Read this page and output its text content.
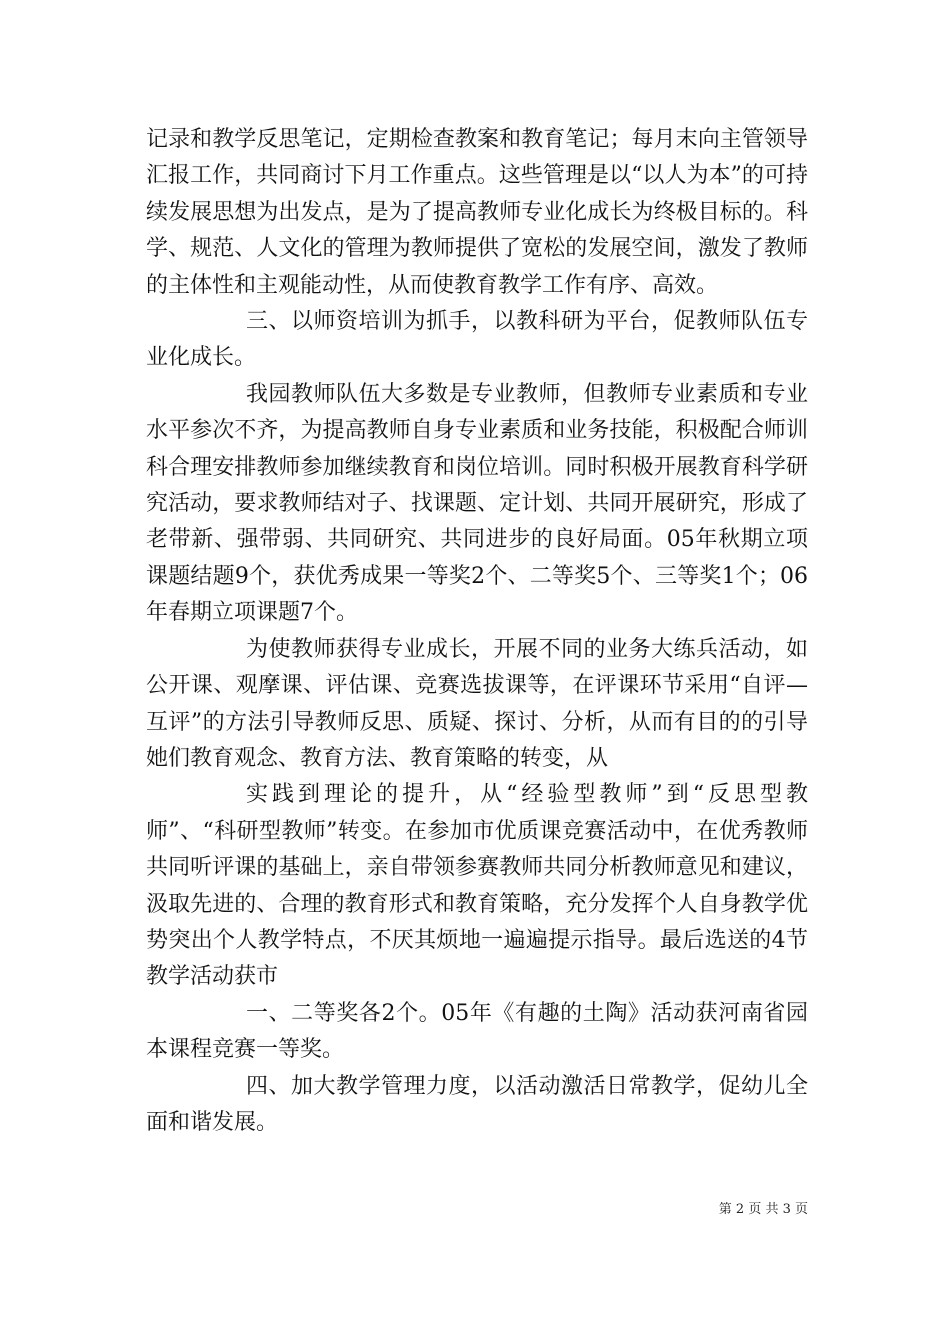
记录和教学反思笔记，定期检查教案和教育笔记；每月末向主管领导汇报工作，共同商讨下月工作重点。这些管理是以“以人为本”的可持续发展思想为出发点，是为了提高教师专业化成长为终极目标的。科学、规范、人文化的管理为教师提供了宽松的发展空间，激发了教师的主体性和主观能动性，从而使教育教学工作有序、高效。

三、以师资培训为抓手，以教科研为平台，促教师队伍专业化成长。

我园教师队伍大多数是专业教师，但教师专业素质和专业水平参次不齐，为提高教师自身专业素质和业务技能，积极配合师训科合理安排教师参加继续教育和岗位培训。同时积极开展教育科学研究活动，要求教师结对子、找课题、定计划、共同开展研究，形成了老带新、强带弱、共同研究、共同进步的良好局面。05年秋期立项课题结题9个，获优秀成果一等奖2个、二等奖5个、三等奖1个；06年春期立项课题7个。

为使教师获得专业成长，开展不同的业务大练兵活动，如公开课、观摩课、评估课、竞赛选拔课等，在评课环节采用“自评—互评”的方法引导教师反思、质疑、探讨、分析，从而有目的的引导她们教育观念、教育方法、教育策略的转变，从

实践到理论的提升，从“经验型教师”到“反思型教师”、“科研型教师”转变。在参加市优质课竞赛活动中，在优秀教师共同听评课的基础上，亲自带领参赛教师共同分析教师意见和建议，汲取先进的、合理的教育形式和教育策略，充分发挥个人自身教学优势突出个人教学特点，不厌其烦地一遍遍提示指导。最后选送的4节教学活动获市

一、二等奖各2个。05年《有趣的土陶》活动获河南省园本课程竞赛一等奖。

四、加大教学管理力度，以活动激活日常教学，促幼儿全面和谐发展。

第 2 页 共 3 页
